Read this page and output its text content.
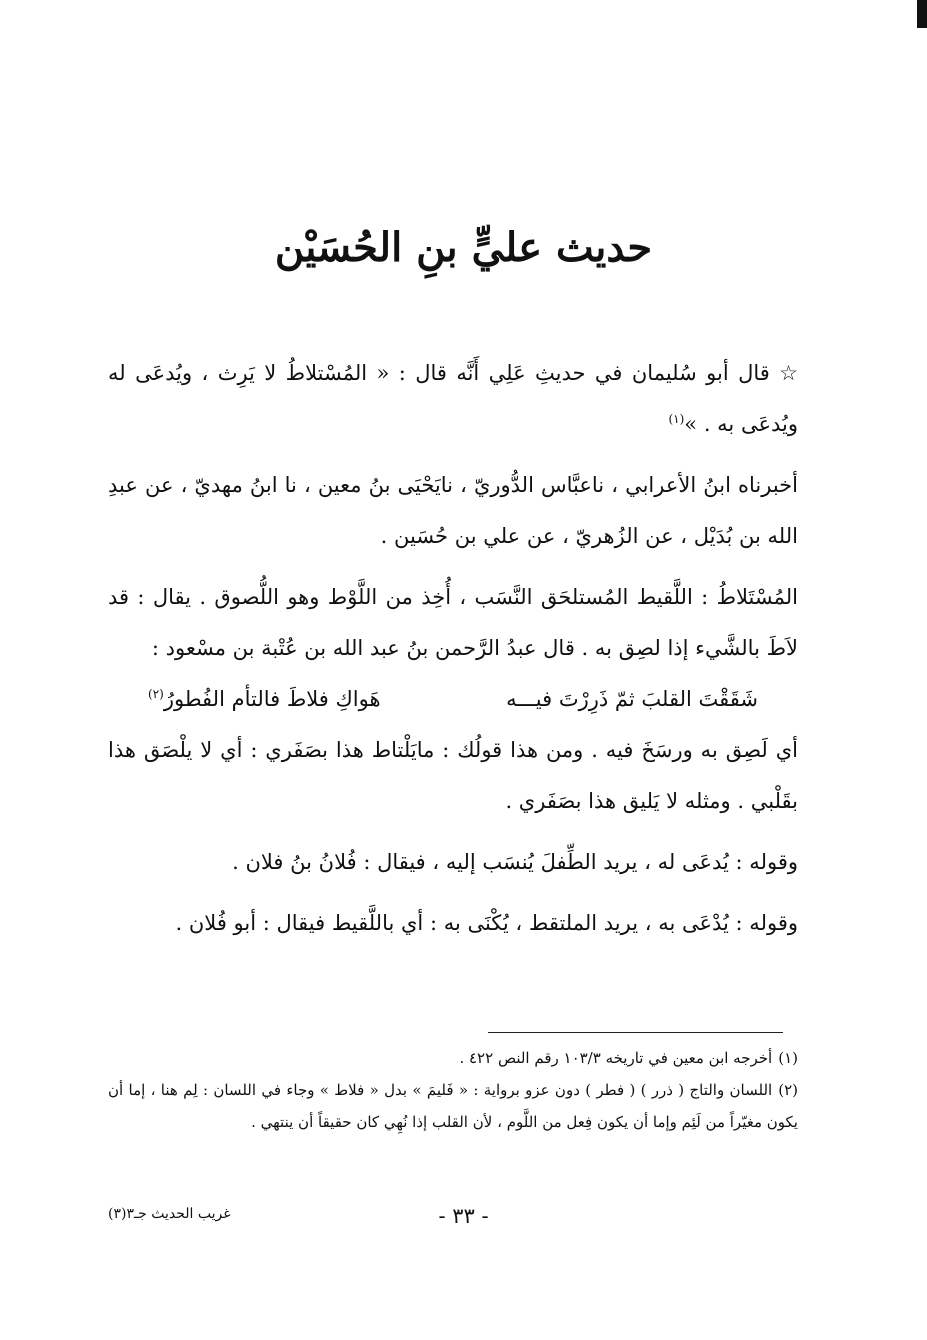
حديث عليٍّ بنِ الحُسَيْن

☆ قال أبو سُليمان في حديثِ عَلِي أَنَّه قال : « المُسْتلاطُ لا يَرِث ، ويُدعَى له ويُدعَى به . »$^{(١)}$

أخبرناه ابنُ الأعرابي ، ناعبَّاس الدُّوريّ ، نايَحْيَى بنُ معين ، نا ابنُ مهديّ ، عن عبدِ الله بن بُدَيْل ، عن الزُهريّ ، عن علي بن حُسَين .

المُسْتَلاطُ : اللَّقيط المُستلحَق النَّسَب ، أُخِذ من اللَّوْط وهو اللُّصوق . يقال : قد لاَطَ بالشَّيء إذا لصِق به . قال عبدُ الرَّحمن بنُ عبد الله بن عُتْبة بن مسْعود :

شَقَقْتَ القلبَ ثمّ ذَرِرْتَ فيـــه
هَواكِ فلاطَ فالتأم الفُطورُ$^{(٢)}$

أي لَصِق به ورسَخَ فيه . ومن هذا قولُك : مايَلْتاط هذا بصَفَري : أي لا يلْصَق هذا بقَلْبي . ومثله لا يَليق هذا بصَفَري .

وقوله : يُدعَى له ، يريد الطِّفلَ يُنسَب إليه ، فيقال : فُلانُ بنُ فلان .

وقوله : يُدْعَى به ، يريد الملتقط ، يُكْنَى به : أي باللَّقيط فيقال : أبو فُلان .

(١)أخرجه ابن معين في تاريخه ١٠٣/٣ رقم النص ٤٢٢ .

(٢)اللسان والتاج ( ذرر ) ( فطر ) دون عزو برواية : « فَليمَ » بدل « فلاط » وجاء في اللسان : لِم هنا ، إما أن يكون مغيّراً من لَئِم وإما أن يكون فِعل من اللَّوم ، لأن القلب إذا نُهِي كان حقيقاً أن ينتهي .

- ٣٣ -
غريب الحديث جـ٣(٣)
